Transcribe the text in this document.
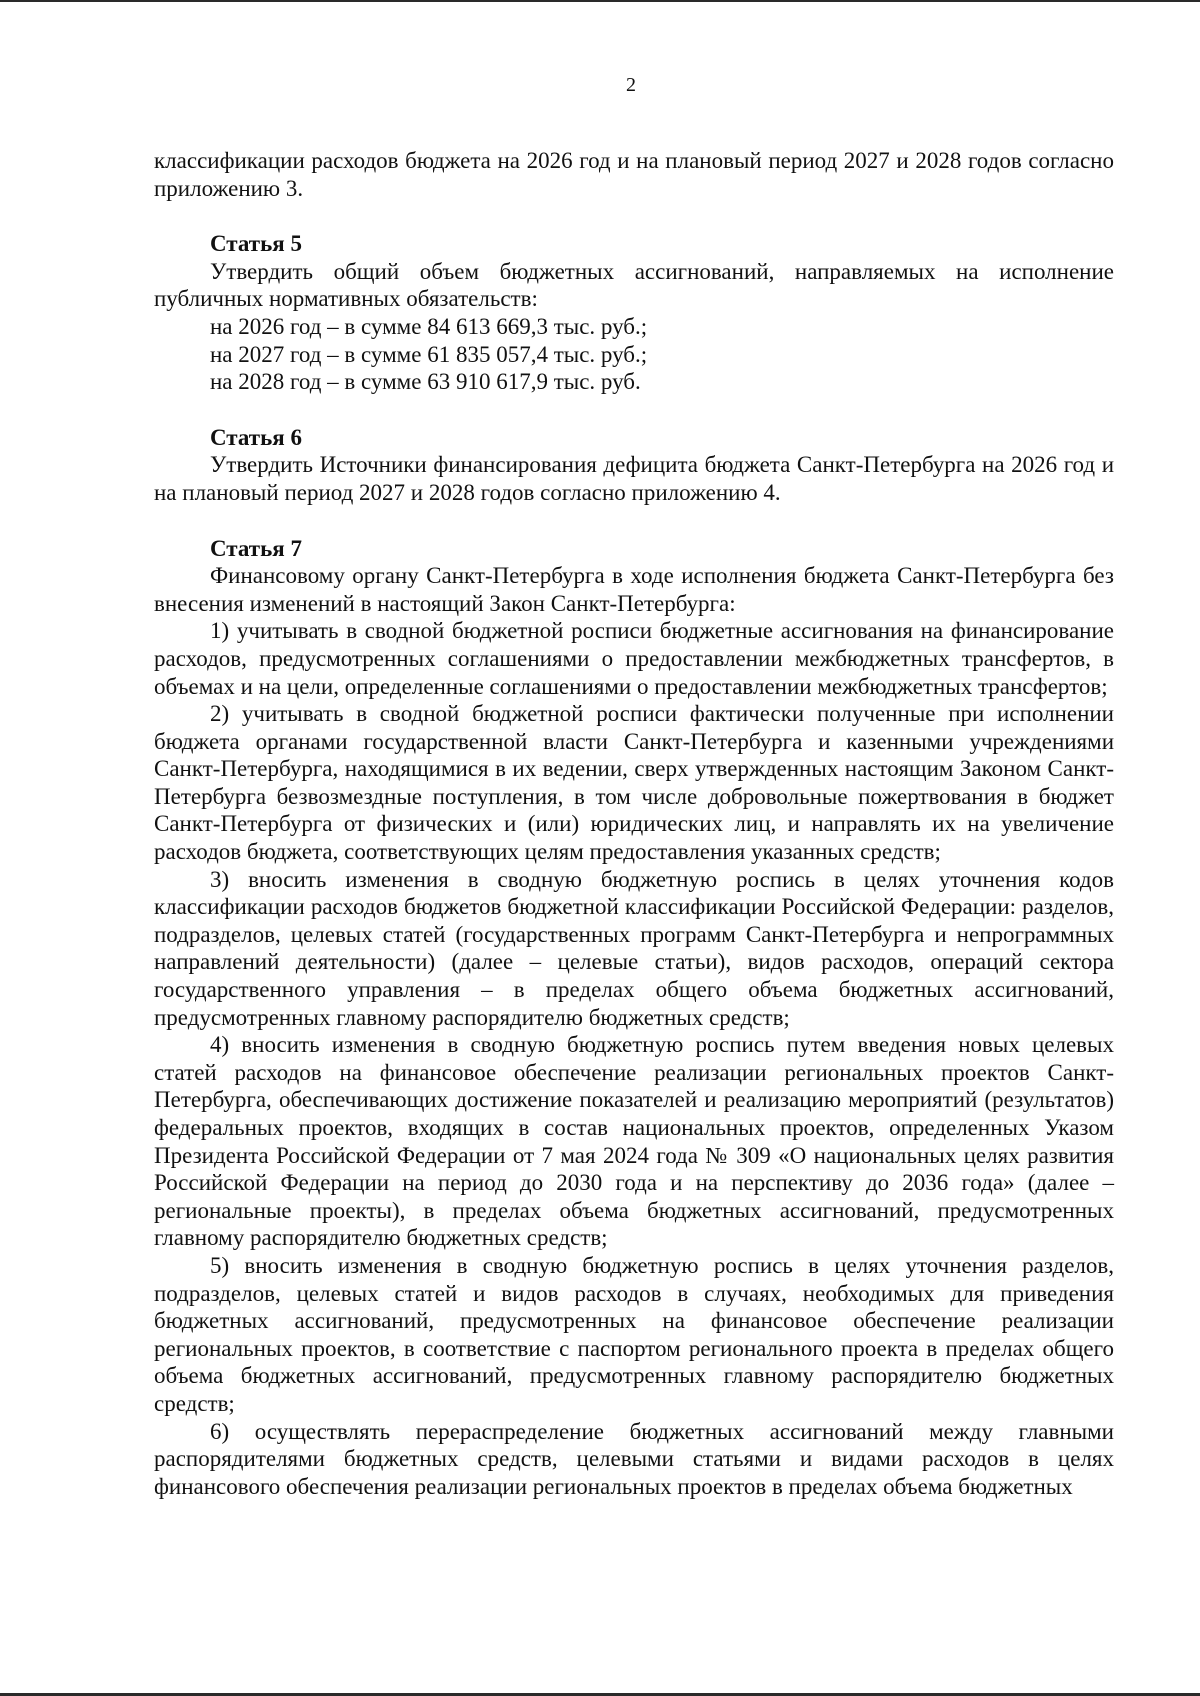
2

классификации расходов бюджета на 2026 год и на плановый период 2027 и 2028 годов согласно приложению 3.

Статья 5

Утвердить общий объем бюджетных ассигнований, направляемых на исполнение публичных нормативных обязательств:

на 2026 год – в сумме 84 613 669,3 тыс. руб.;

на 2027 год – в сумме 61 835 057,4 тыс. руб.;

на 2028 год – в сумме 63 910 617,9 тыс. руб.

Статья 6

Утвердить Источники финансирования дефицита бюджета Санкт-Петербурга на 2026 год и на плановый период 2027 и 2028 годов согласно приложению 4.

Статья 7

Финансовому органу Санкт-Петербурга в ходе исполнения бюджета Санкт-Петербурга без внесения изменений в настоящий Закон Санкт-Петербурга:

1) учитывать в сводной бюджетной росписи бюджетные ассигнования на финансирование расходов, предусмотренных соглашениями о предоставлении межбюджетных трансфертов, в объемах и на цели, определенные соглашениями о предоставлении межбюджетных трансфертов;

2) учитывать в сводной бюджетной росписи фактически полученные при исполнении бюджета органами государственной власти Санкт-Петербурга и казенными учреждениями Санкт-Петербурга, находящимися в их ведении, сверх утвержденных настоящим Законом Санкт-Петербурга безвозмездные поступления, в том числе добровольные пожертвования в бюджет Санкт-Петербурга от физических и (или) юридических лиц, и направлять их на увеличение расходов бюджета, соответствующих целям предоставления указанных средств;

3) вносить изменения в сводную бюджетную роспись в целях уточнения кодов классификации расходов бюджетов бюджетной классификации Российской Федерации: разделов, подразделов, целевых статей (государственных программ Санкт-Петербурга и непрограммных направлений деятельности) (далее – целевые статьи), видов расходов, операций сектора государственного управления – в пределах общего объема бюджетных ассигнований, предусмотренных главному распорядителю бюджетных средств;

4) вносить изменения в сводную бюджетную роспись путем введения новых целевых статей расходов на финансовое обеспечение реализации региональных проектов Санкт-Петербурга, обеспечивающих достижение показателей и реализацию мероприятий (результатов) федеральных проектов, входящих в состав национальных проектов, определенных Указом Президента Российской Федерации от 7 мая 2024 года № 309 «О национальных целях развития Российской Федерации на период до 2030 года и на перспективу до 2036 года» (далее – региональные проекты), в пределах объема бюджетных ассигнований, предусмотренных главному распорядителю бюджетных средств;

5) вносить изменения в сводную бюджетную роспись в целях уточнения разделов, подразделов, целевых статей и видов расходов в случаях, необходимых для приведения бюджетных ассигнований, предусмотренных на финансовое обеспечение реализации региональных проектов, в соответствие с паспортом регионального проекта в пределах общего объема бюджетных ассигнований, предусмотренных главному распорядителю бюджетных средств;

6) осуществлять перераспределение бюджетных ассигнований между главными распорядителями бюджетных средств, целевыми статьями и видами расходов в целях финансового обеспечения реализации региональных проектов в пределах объема бюджетных
